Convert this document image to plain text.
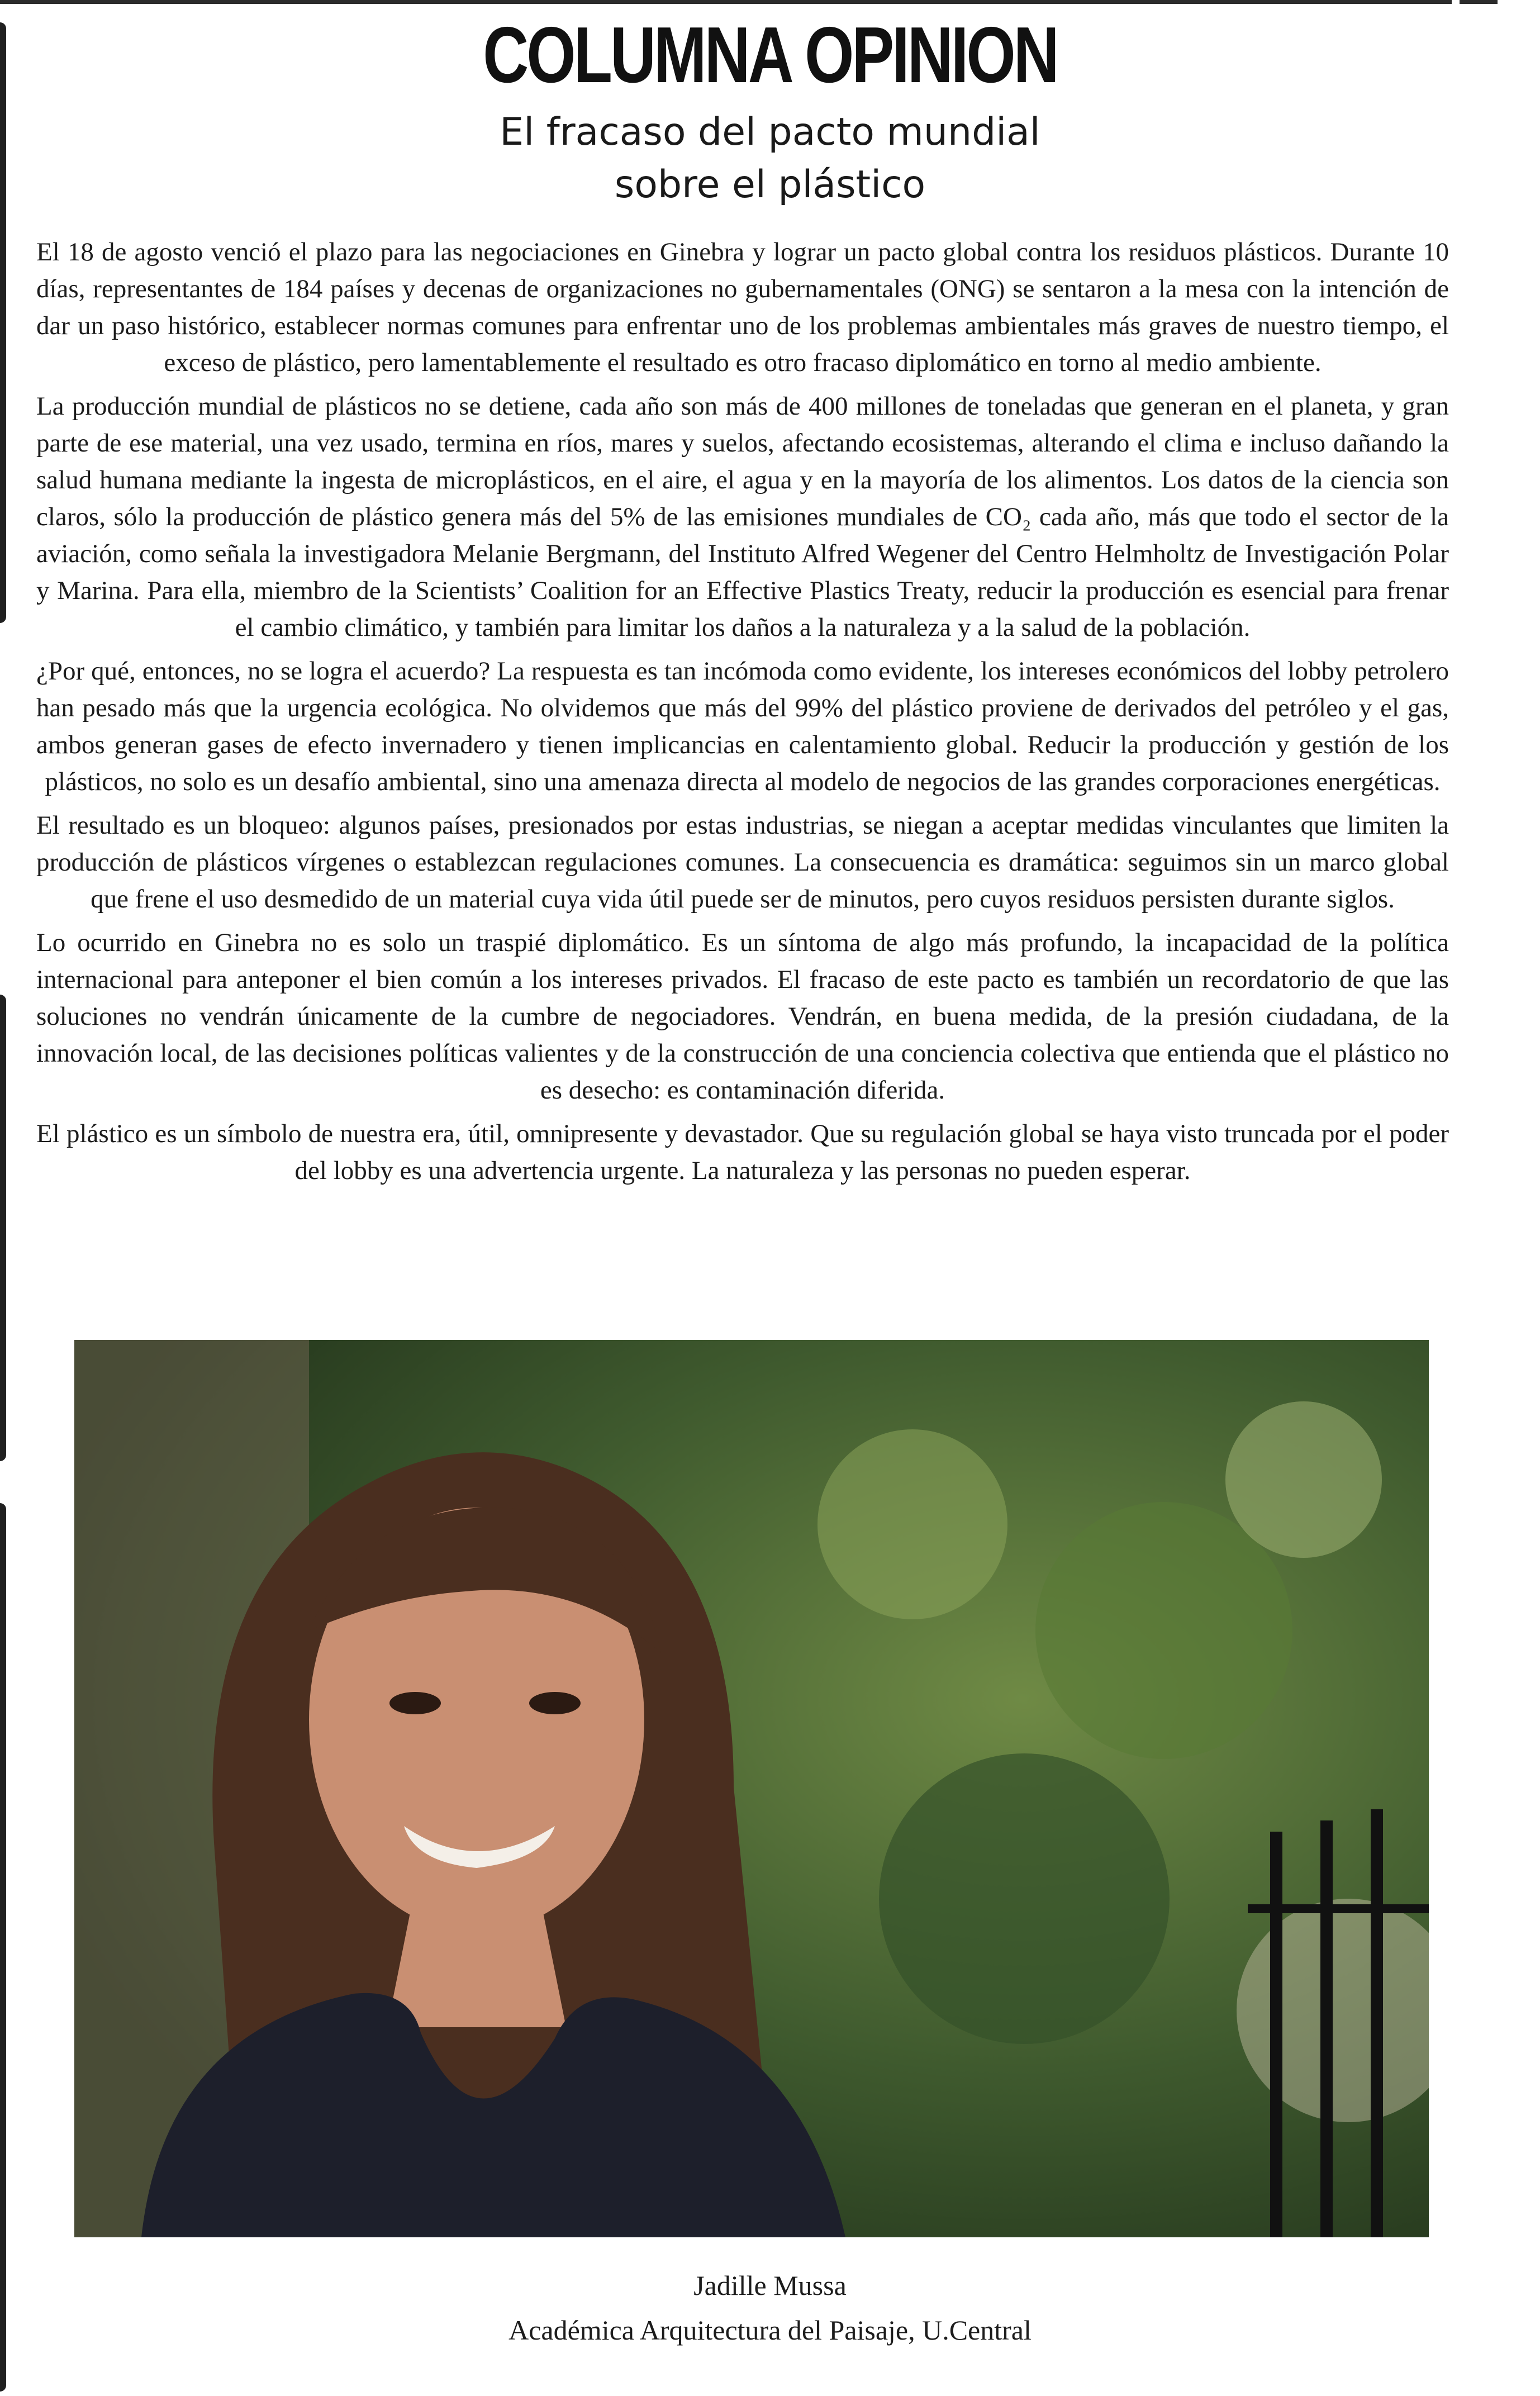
COLUMNA OPINION
El fracaso del pacto mundial
sobre el plástico

El 18 de agosto venció el plazo para las negociaciones en Ginebra y lograr un pacto global contra los residuos plásticos. Durante 10 días, representantes de 184 países y decenas de organizaciones no gubernamentales (ONG) se sentaron a la mesa con la intención de dar un paso histórico, establecer normas comunes para enfrentar uno de los problemas ambientales más graves de nuestro tiempo, el exceso de plástico, pero lamentablemente el resultado es otro fracaso diplomático en torno al medio ambiente.

La producción mundial de plásticos no se detiene, cada año son más de 400 millones de toneladas que generan en el planeta, y gran parte de ese material, una vez usado, termina en ríos, mares y suelos, afectando ecosistemas, alterando el clima e incluso dañando la salud humana mediante la ingesta de microplásticos, en el aire, el agua y en la mayoría de los alimentos. Los datos de la ciencia son claros, sólo la producción de plástico genera más del 5% de las emisiones mundiales de CO₂ cada año, más que todo el sector de la aviación, como señala la investigadora Melanie Bergmann, del Instituto Alfred Wegener del Centro Helmholtz de Investigación Polar y Marina. Para ella, miembro de la Scientists’ Coalition for an Effective Plastics Treaty, reducir la producción es esencial para frenar el cambio climático, y también para limitar los daños a la naturaleza y a la salud de la población.

¿Por qué, entonces, no se logra el acuerdo? La respuesta es tan incómoda como evidente, los intereses económicos del lobby petrolero han pesado más que la urgencia ecológica. No olvidemos que más del 99% del plástico proviene de derivados del petróleo y el gas, ambos generan gases de efecto invernadero y tienen implicancias en calentamiento global. Reducir la producción y gestión de los plásticos, no solo es un desafío ambiental, sino una amenaza directa al modelo de negocios de las grandes corporaciones energéticas.

El resultado es un bloqueo: algunos países, presionados por estas industrias, se niegan a aceptar medidas vinculantes que limiten la producción de plásticos vírgenes o establezcan regulaciones comunes. La consecuencia es dramática: seguimos sin un marco global que frene el uso desmedido de un material cuya vida útil puede ser de minutos, pero cuyos residuos persisten durante siglos.

Lo ocurrido en Ginebra no es solo un traspié diplomático. Es un síntoma de algo más profundo, la incapacidad de la política internacional para anteponer el bien común a los intereses privados. El fracaso de este pacto es también un recordatorio de que las soluciones no vendrán únicamente de la cumbre de negociadores. Vendrán, en buena medida, de la presión ciudadana, de la innovación local, de las decisiones políticas valientes y de la construcción de una conciencia colectiva que entienda que el plástico no es desecho: es contaminación diferida.

El plástico es un símbolo de nuestra era, útil, omnipresente y devastador. Que su regulación global se haya visto truncada por el poder del lobby es una advertencia urgente. La naturaleza y las personas no pueden esperar.

Jadille Mussa
Académica Arquitectura del Paisaje, U.Central
